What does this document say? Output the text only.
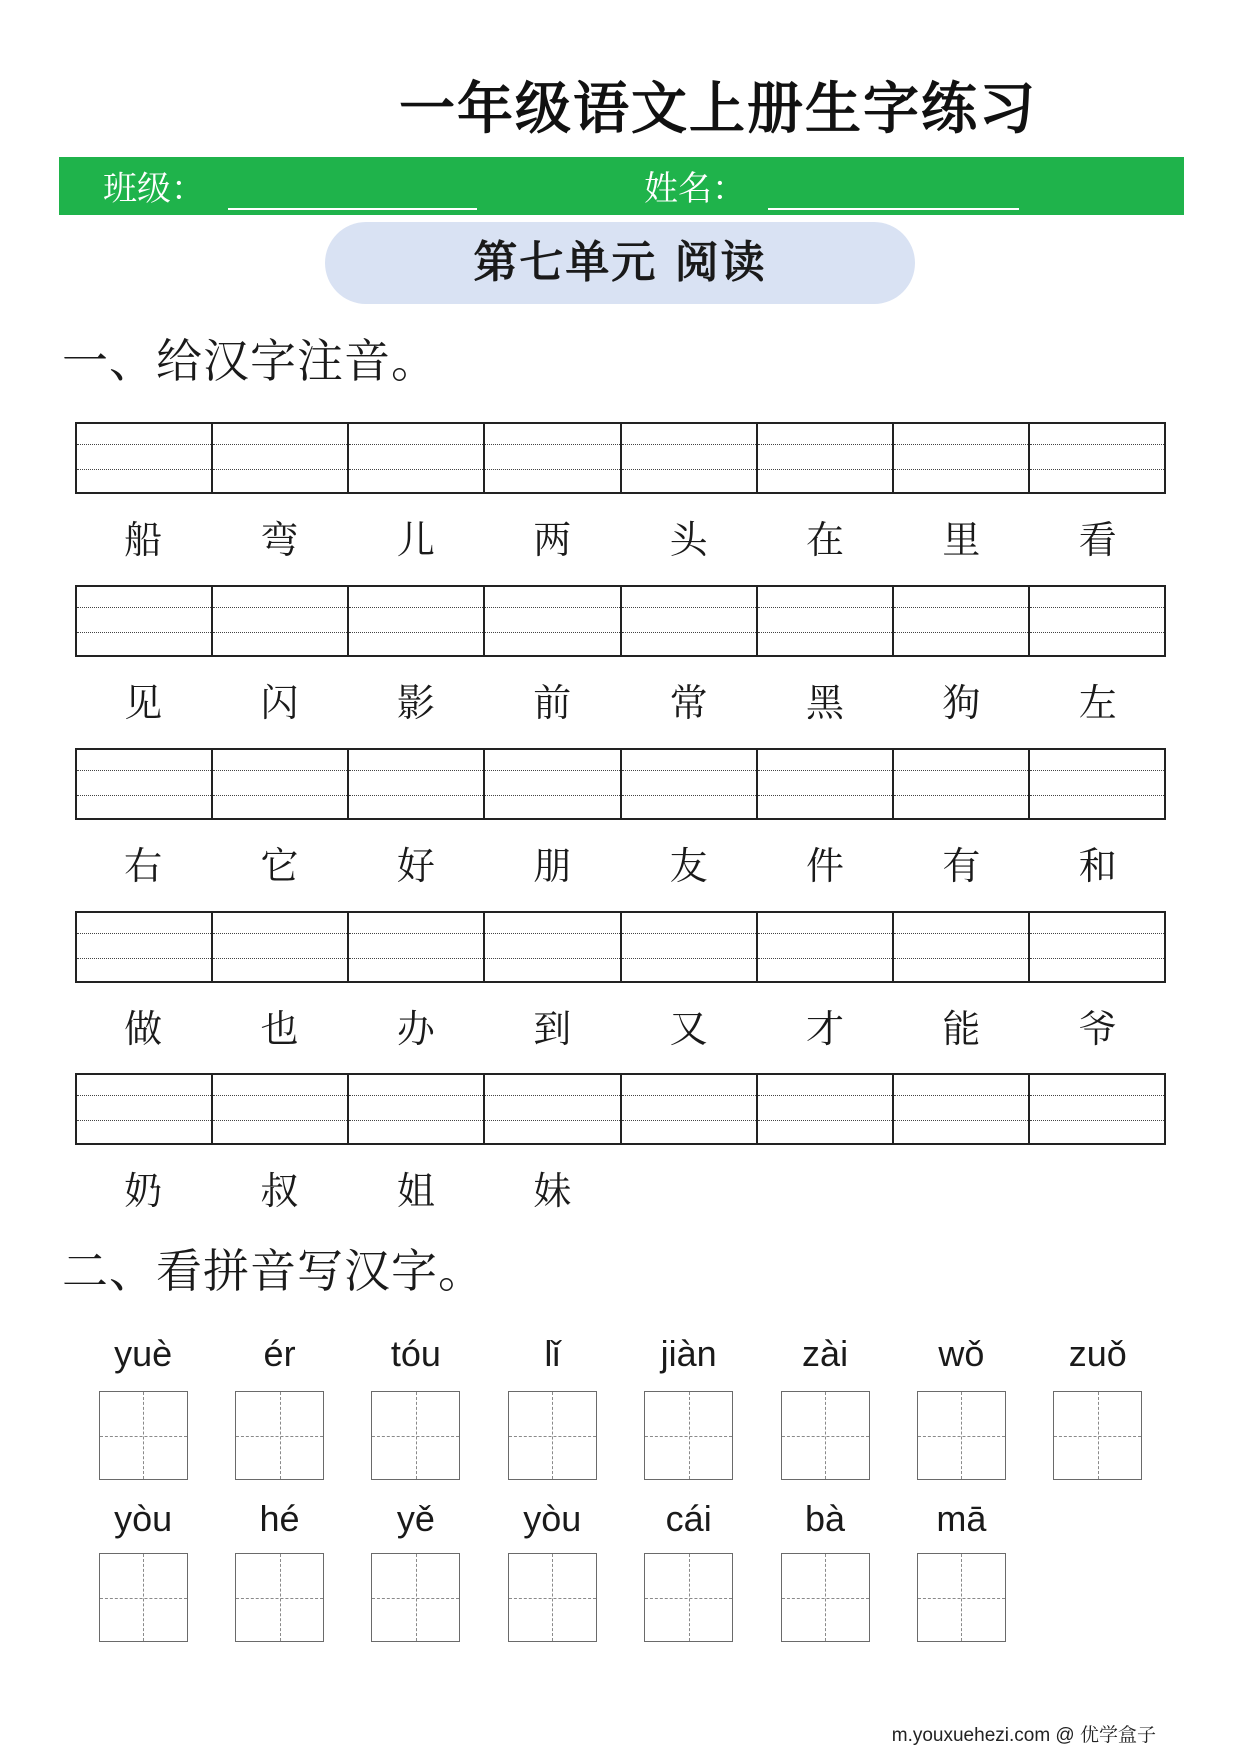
一年级语文上册生字练习
班级：	姓名：
第七单元 阅读
一、给汉字注音。
船	弯	儿	两	头	在	里	看
见	闪	影	前	常	黑	狗	左
右	它	好	朋	友	件	有	和
做	也	办	到	又	才	能	爷
奶	叔	姐	妹
二、看拼音写汉字。
yuè	ér	tóu	lǐ	jiàn	zài	wǒ	zuǒ
yòu	hé	yě	yòu	cái	bà	mā
m.youxuehezi.com @ 优学盒子
